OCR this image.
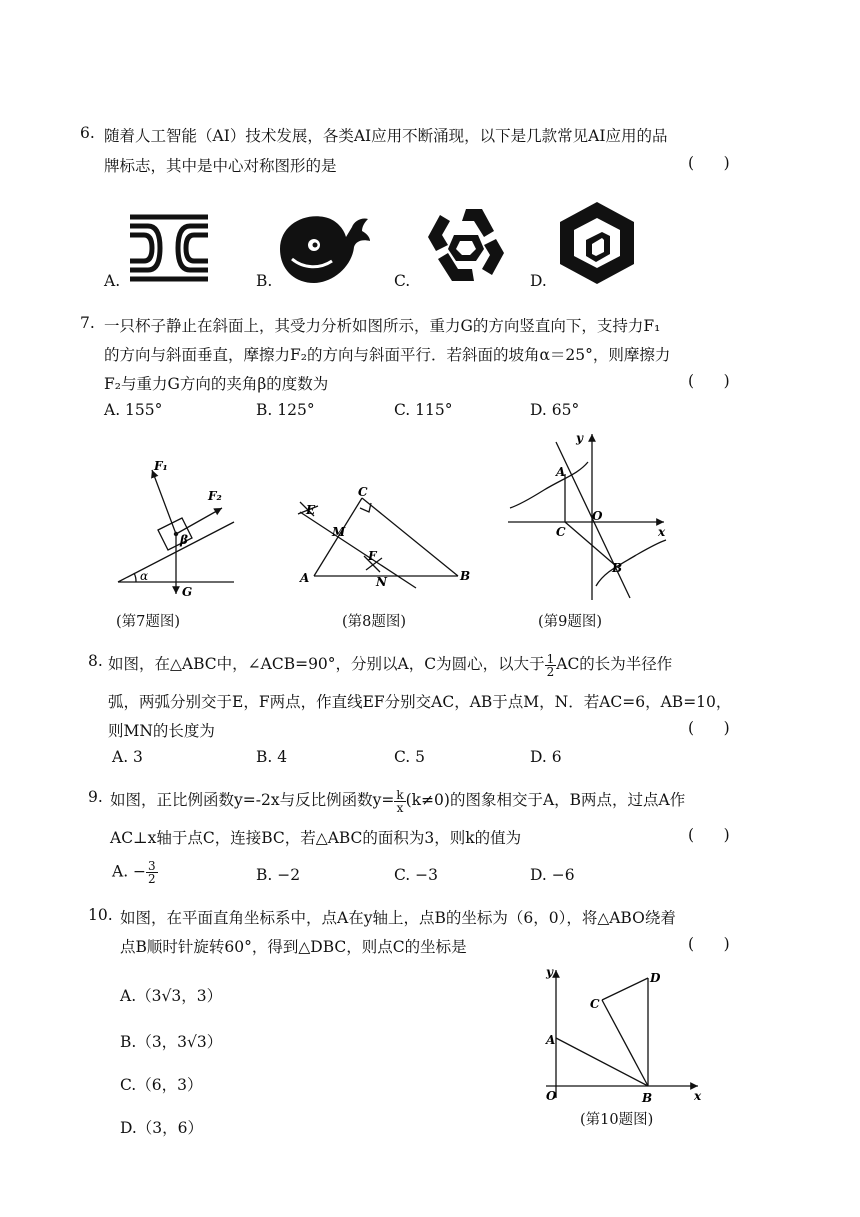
6. 随着人工智能（AI）技术发展，各类AI应用不断涌现，以下是几款常见AI应用的品
牌标志，其中是中心对称图形的是	(      )
A.	B.	C.	D.
7. 一只杯子静止在斜面上，其受力分析如图所示，重力G的方向竖直向下，支持力F₁
的方向与斜面垂直，摩擦力F₂的方向与斜面平行．若斜面的坡角α＝25°，则摩擦力
F₂与重力G方向的夹角β的度数为	(      )
A. 155°	B. 125°	C. 115°	D. 65°
F₁
F₂
β
α
G
(第7题图)
E
C
M
F
A	N	B
(第8题图)
y
A
O
C	x
B
(第9题图)
8. 如图，在△ABC中，∠ACB=90°，分别以A，C为圆心，以大于 $\frac{1}{2}$ AC的长为半径作
弧，两弧分别交于E，F两点，作直线EF分别交AC，AB于点M，N．若AC=6，AB=10，
则MN的长度为	(      )
A. 3	B. 4	C. 5	D. 6
9. 如图，正比例函数y=-2x与反比例函数$y= \frac{k}{x} (k\ne 0)$的图象相交于A，B两点，过点A作
AC⊥x轴于点C，连接BC，若△ABC的面积为3，则k的值为	(      )
A. − $\frac{3}{2}$	B. −2	C. −3	D. −6
10. 如图，在平面直角坐标系中，点A在y轴上，点B的坐标为（6，0），将△ABO绕着
点B顺时针旋转60°，得到△DBC，则点C的坐标是	(      )
A.（3√3，3）
B.（3，3√3）
C.（6，3）
D.（3，6）
y	D
C
A
O	B	x
(第10题图)
